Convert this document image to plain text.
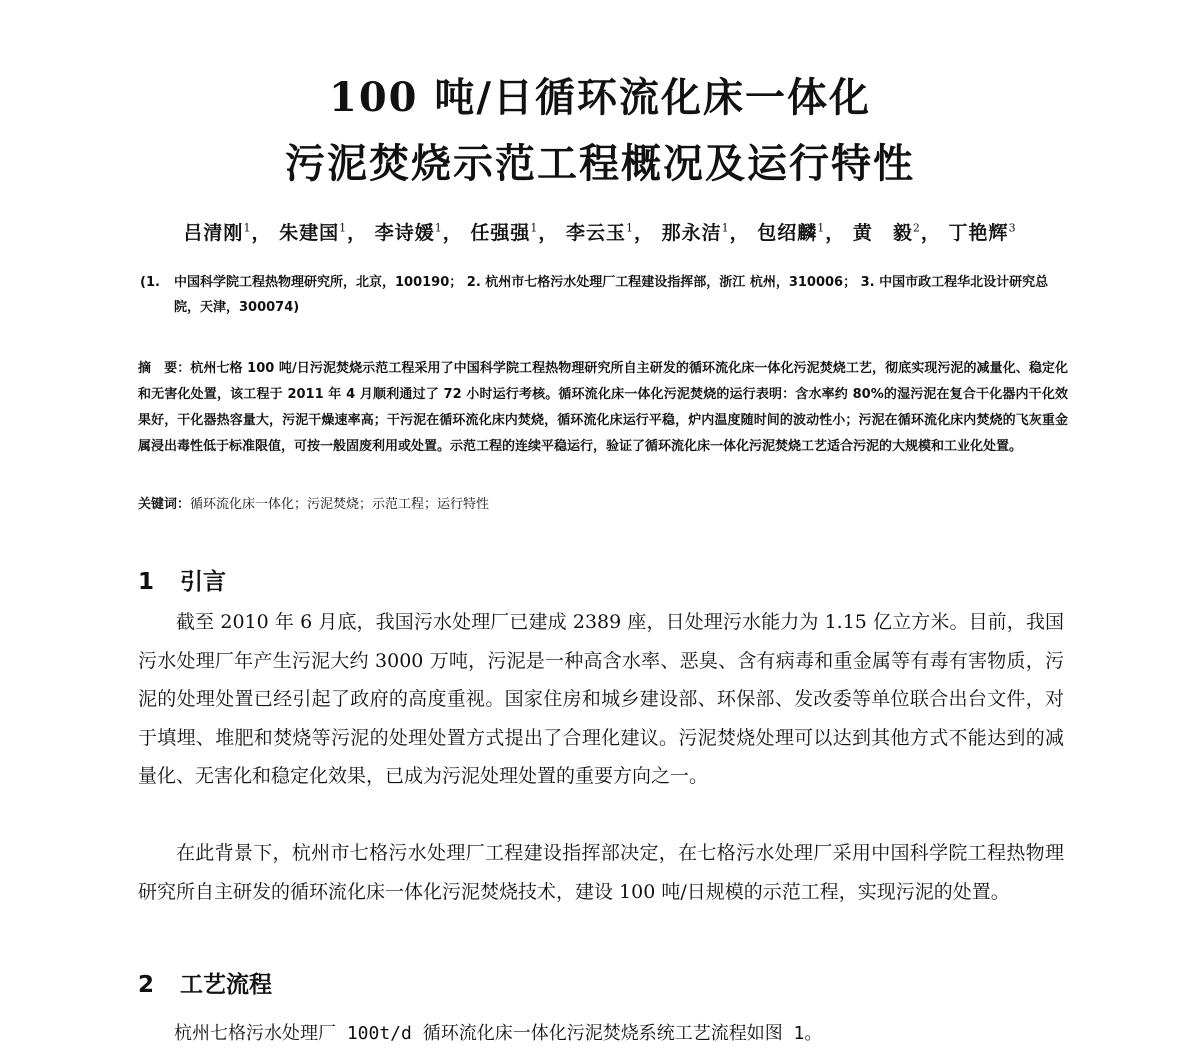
100 吨/日循环流化床一体化
污泥焚烧示范工程概况及运行特性
吕清刚$^1$， 朱建国$^1$， 李诗媛$^1$， 任强强$^1$， 李云玉$^1$， 那永洁$^1$， 包绍麟$^1$， 黄　毅$^2$， 丁艳辉$^3$
(1. 中国科学院工程热物理研究所，北京，100190； 2. 杭州市七格污水处理厂工程建设指挥部，浙江 杭州，310006； 3. 中国市政工程华北设计研究总院，天津，300074)
摘　要：杭州七格 100 吨/日污泥焚烧示范工程采用了中国科学院工程热物理研究所自主研发的循环流化床一体化污泥焚烧工艺，彻底实现污泥的减量化、稳定化和无害化处置，该工程于 2011 年 4 月顺利通过了 72 小时运行考核。循环流化床一体化污泥焚烧的运行表明：含水率约 80%的湿污泥在复合干化器内干化效果好，干化器热容量大，污泥干燥速率高；干污泥在循环流化床内焚烧，循环流化床运行平稳，炉内温度随时间的波动性小；污泥在循环流化床内焚烧的飞灰重金属浸出毒性低于标准限值，可按一般固废利用或处置。示范工程的连续平稳运行，验证了循环流化床一体化污泥焚烧工艺适合污泥的大规模和工业化处置。
关键词：循环流化床一体化；污泥焚烧；示范工程；运行特性
1 引言

截至 2010 年 6 月底，我国污水处理厂已建成 2389 座，日处理污水能力为 1.15 亿立方米。目前，我国污水处理厂年产生污泥大约 3000 万吨，污泥是一种高含水率、恶臭、含有病毒和重金属等有毒有害物质，污泥的处理处置已经引起了政府的高度重视。国家住房和城乡建设部、环保部、发改委等单位联合出台文件，对于填埋、堆肥和焚烧等污泥的处理处置方式提出了合理化建议。污泥焚烧处理可以达到其他方式不能达到的减量化、无害化和稳定化效果，已成为污泥处理处置的重要方向之一。

在此背景下，杭州市七格污水处理厂工程建设指挥部决定，在七格污水处理厂采用中国科学院工程热物理研究所自主研发的循环流化床一体化污泥焚烧技术，建设 100 吨/日规模的示范工程，实现污泥的处置。

2 工艺流程

杭州七格污水处理厂 100t/d 循环流化床一体化污泥焚烧系统工艺流程如图 1。
